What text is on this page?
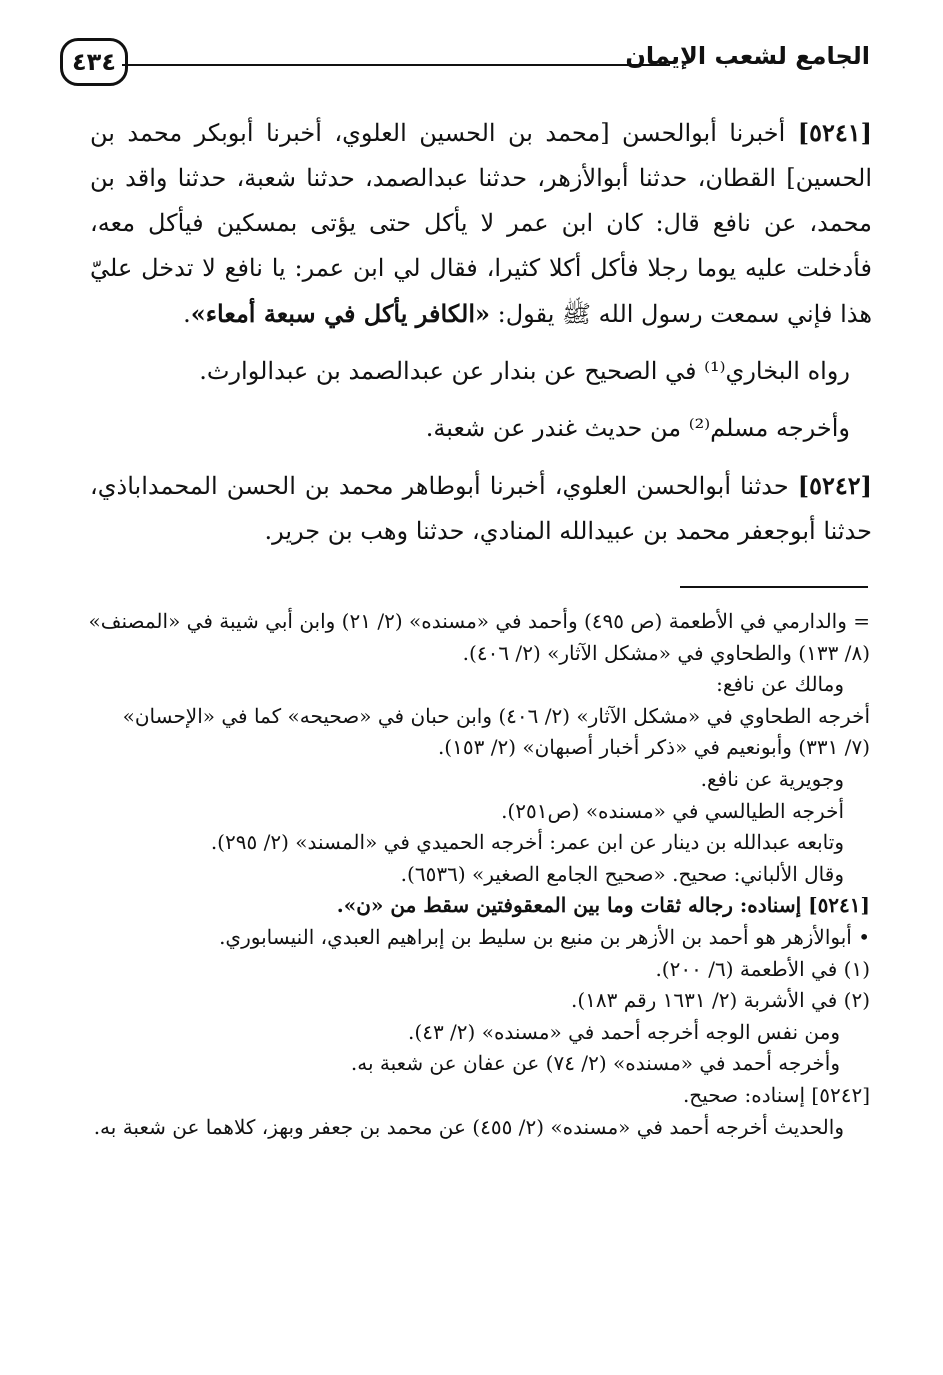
٤٣٤	الجامع لشعب الإيمان

[٥٢٤١] أخبرنا أبوالحسن [محمد بن الحسين العلوي، أخبرنا أبوبكر محمد بن الحسين] القطان، حدثنا أبوالأزهر، حدثنا عبدالصمد، حدثنا شعبة، حدثنا واقد بن محمد، عن نافع قال: كان ابن عمر لا يأكل حتى يؤتى بمسكين فيأكل معه، فأدخلت عليه يوما رجلا فأكل أكلا كثيرا، فقال لي ابن عمر: يا نافع لا تدخل عليّ هذا فإني سمعت رسول الله ﷺ يقول: «الكافر يأكل في سبعة أمعاء».

رواه البخاري⁽¹⁾ في الصحيح عن بندار عن عبدالصمد بن عبدالوارث.

وأخرجه مسلم⁽²⁾ من حديث غندر عن شعبة.

[٥٢٤٢] حدثنا أبوالحسن العلوي، أخبرنا أبوطاهر محمد بن الحسن المحمداباذي، حدثنا أبوجعفر محمد بن عبيدالله المنادي، حدثنا وهب بن جرير.

= والدارمي في الأطعمة (ص ٤٩٥) وأحمد في «مسنده» (٢/ ٢١) وابن أبي شيبة في «المصنف»

(٨/ ١٣٣) والطحاوي في «مشكل الآثار» (٢/ ٤٠٦).

ومالك عن نافع:

أخرجه الطحاوي في «مشكل الآثار» (٢/ ٤٠٦) وابن حبان في «صحيحه» كما في «الإحسان»

(٧/ ٣٣١) وأبونعيم في «ذكر أخبار أصبهان» (٢/ ١٥٣).

وجويرية عن نافع.

أخرجه الطيالسي في «مسنده» (ص٢٥١).

وتابعه عبدالله بن دينار عن ابن عمر: أخرجه الحميدي في «المسند» (٢/ ٢٩٥).

وقال الألباني: صحيح. «صحيح الجامع الصغير» (٦٥٣٦).

[٥٢٤١] إسناده: رجاله ثقات وما بين المعقوفتين سقط من «ن».

• أبوالأزهر هو أحمد بن الأزهر بن منيع بن سليط بن إبراهيم العبدي، النيسابوري.

(١) في الأطعمة (٦/ ٢٠٠).

(٢) في الأشربة (٢/ ١٦٣١ رقم ١٨٣).

ومن نفس الوجه أخرجه أحمد في «مسنده» (٢/ ٤٣).

وأخرجه أحمد في «مسنده» (٢/ ٧٤) عن عفان عن شعبة به.

[٥٢٤٢] إسناده: صحيح.

والحديث أخرجه أحمد في «مسنده» (٢/ ٤٥٥) عن محمد بن جعفر وبهز، كلاهما عن شعبة به.
